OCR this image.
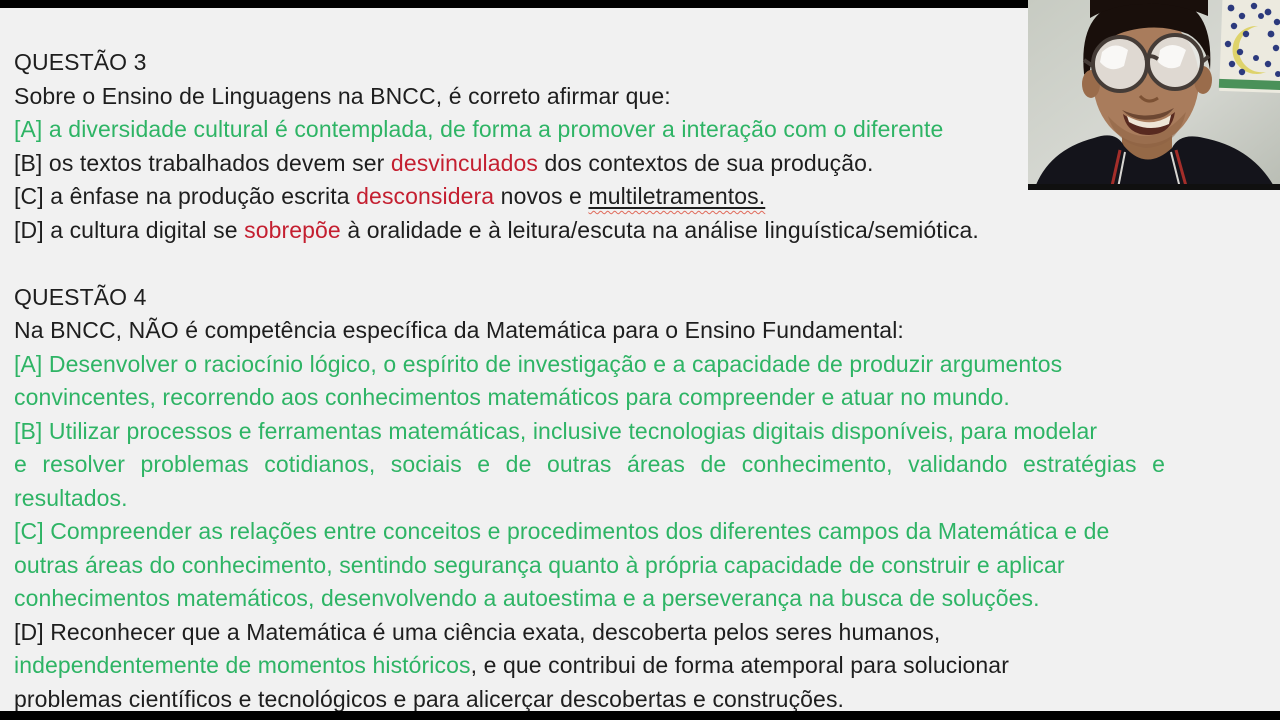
QUESTÃO 3
Sobre o Ensino de Linguagens na BNCC, é correto afirmar que:
[A] a diversidade cultural é contemplada, de forma a promover a interação com o diferente
[B] os textos trabalhados devem ser desvinculados dos contextos de sua produção.
[C] a ênfase na produção escrita desconsidera novos e multiletramentos.
[D] a cultura digital se sobrepõe à oralidade e à leitura/escuta na análise linguística/semiótica.
QUESTÃO 4
Na BNCC, NÃO é competência específica da Matemática para o Ensino Fundamental:
[A] Desenvolver o raciocínio lógico, o espírito de investigação e a capacidade de produzir argumentos
convincentes, recorrendo aos conhecimentos matemáticos para compreender e atuar no mundo.
[B] Utilizar processos e ferramentas matemáticas, inclusive tecnologias digitais disponíveis, para modelar
e resolver problemas cotidianos, sociais e de outras áreas de conhecimento, validando estratégias e
resultados.
[C] Compreender as relações entre conceitos e procedimentos dos diferentes campos da Matemática e de
outras áreas do conhecimento, sentindo segurança quanto à própria capacidade de construir e aplicar
conhecimentos matemáticos, desenvolvendo a autoestima e a perseverança na busca de soluções.
[D] Reconhecer que a Matemática é uma ciência exata, descoberta pelos seres humanos,
independentemente de momentos históricos, e que contribui de forma atemporal para solucionar
problemas científicos e tecnológicos e para alicerçar descobertas e construções.
